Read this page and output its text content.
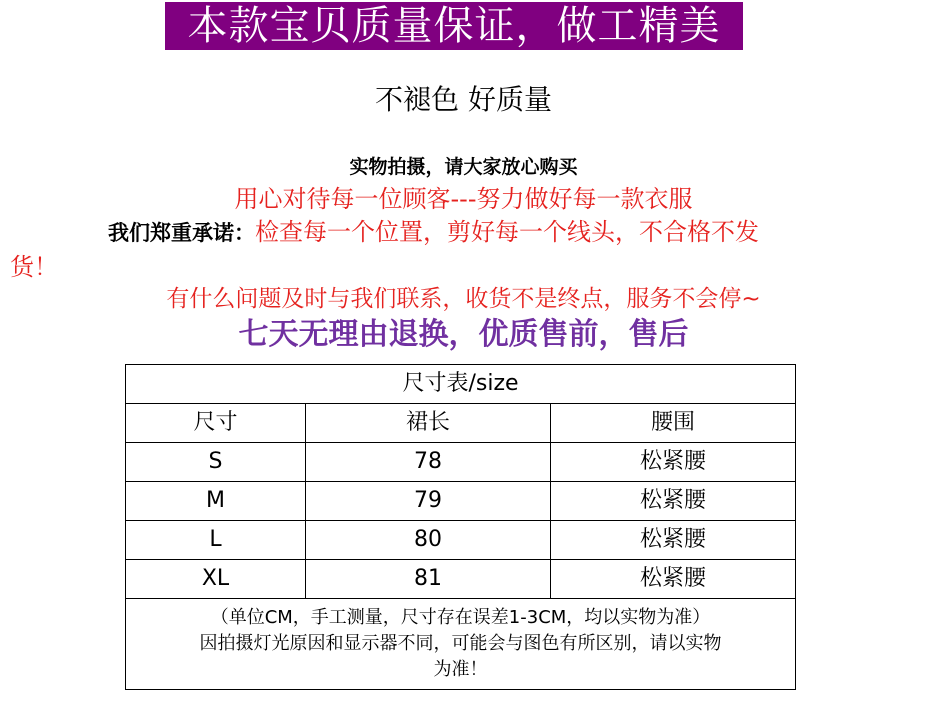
本款宝贝质量保证，做工精美
不褪色 好质量
实物拍摄，请大家放心购买
用心对待每一位顾客---努力做好每一款衣服
我们郑重承诺：检查每一个位置，剪好每一个线头，不合格不发
货！
有什么问题及时与我们联系，收货不是终点，服务不会停~
七天无理由退换，优质售前，售后
尺寸表/size		
尺寸	裙长	腰围
S	78	松紧腰
M	79	松紧腰
L	80	松紧腰
XL	81	松紧腰

（单位CM，手工测量，尺寸存在误差1-3CM，均以实物为准）
因拍摄灯光原因和显示器不同，可能会与图色有所区别，请以实物
为准！		
